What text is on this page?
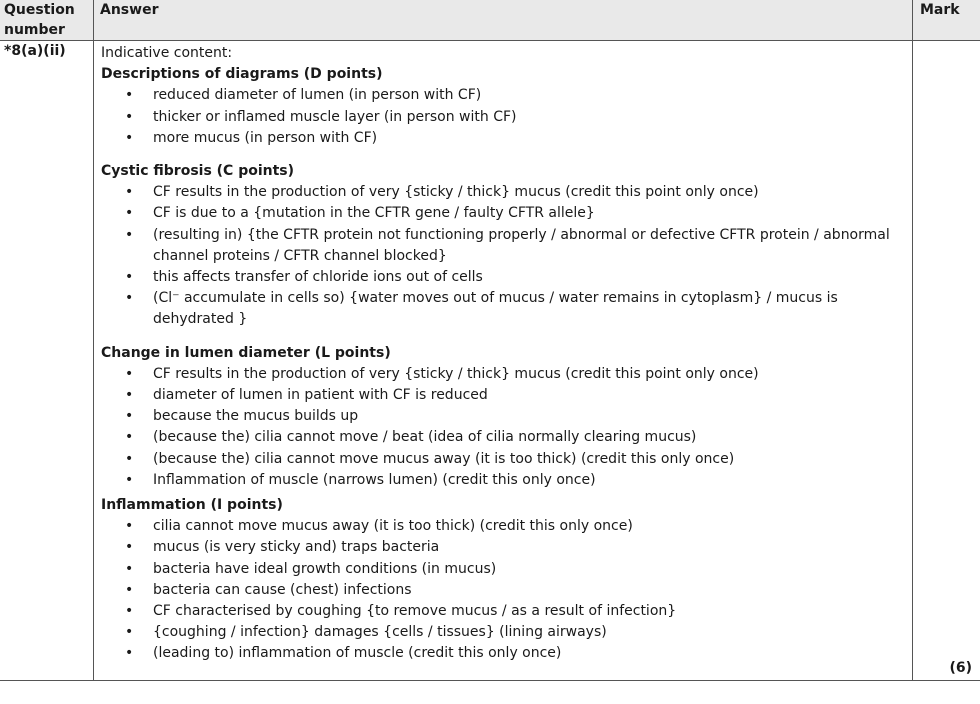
Question number
Answer	Mark
*8(a)(ii)	Indicative content:

Descriptions of diagrams (D points)

• reduced diameter of lumen (in person with CF)
• thicker or inflamed muscle layer (in person with CF)
• more mucus (in person with CF)

Cystic fibrosis (C points)

• CF results in the production of very {sticky / thick} mucus (credit this point only once)
• CF is due to a {mutation in the CFTR gene / faulty CFTR allele}
• (resulting in) {the CFTR protein not functioning properly / abnormal or defective CFTR protein / abnormal channel proteins / CFTR channel blocked}
• this affects transfer of chloride ions out of cells
• (Cl⁻ accumulate in cells so) {water moves out of mucus / water remains in cytoplasm} / mucus is dehydrated }

Change in lumen diameter (L points)

• CF results in the production of very {sticky / thick} mucus (credit this point only once)
• diameter of lumen in patient with CF is reduced
• because the mucus builds up
• (because the) cilia cannot move / beat (idea of cilia normally clearing mucus)
• (because the) cilia cannot move mucus away (it is too thick) (credit this only once)
• Inflammation of muscle (narrows lumen) (credit this only once)

Inflammation (I points)

• cilia cannot move mucus away (it is too thick) (credit this only once)
• mucus (is very sticky and) traps bacteria
• bacteria have ideal growth conditions (in mucus)
• bacteria can cause (chest) infections
• CF characterised by coughing {to remove mucus / as a result of infection}
• {coughing / infection} damages {cells / tissues} (lining airways)
• (leading to) inflammation of muscle (credit this only once)
(6)
